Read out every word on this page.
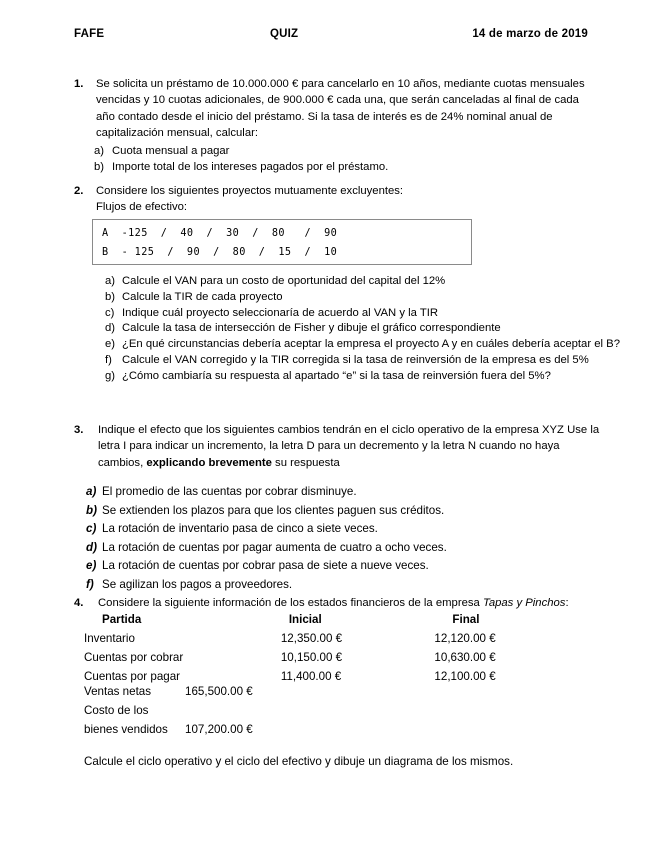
FAFE	QUIZ	14 de marzo de 2019
1.	Se solicita un préstamo de 10.000.000 € para cancelarlo en 10 años, mediante cuotas mensuales vencidas y 10 cuotas adicionales, de 900.000 € cada una, que serán canceladas al final de cada año contado desde el inicio del préstamo. Si la tasa de interés es de 24% nominal anual de capitalización mensual, calcular:
a) Cuota mensual a pagar
b) Importe total de los intereses pagados por el préstamo.
2.	Considere los siguientes proyectos mutuamente excluyentes:
Flujos de efectivo:
A  -125  /  40  /  30  /  80   /  90
B  - 125  /  90  /  80  /  15  /  10
a) Calcule el VAN para un costo de oportunidad del capital del 12%
b) Calcule la TIR de cada proyecto
c) Indique cuál proyecto seleccionaría de acuerdo al VAN y la TIR
d) Calcule la tasa de intersección de Fisher y dibuje el gráfico correspondiente
e) ¿En qué circunstancias debería aceptar la empresa el proyecto A y en cuáles debería aceptar el B?
f) Calcule el VAN corregido y la TIR corregida si la tasa de reinversión de la empresa es del 5%
g) ¿Cómo cambiaría su respuesta al apartado “e” si la tasa de reinversión fuera del 5%?
3.	Indique el efecto que los siguientes cambios tendrán en el ciclo operativo de la empresa XYZ Use la letra I para indicar un incremento, la letra D para un decremento y la letra N cuando no haya cambios, explicando brevemente su respuesta
a) El promedio de las cuentas por cobrar disminuye.
b) Se extienden los plazos para que los clientes paguen sus créditos.
c) La rotación de inventario pasa de cinco a siete veces.
d) La rotación de cuentas por pagar aumenta de cuatro a ocho veces.
e) La rotación de cuentas por cobrar pasa de siete a nueve veces.
f) Se agilizan los pagos a proveedores.
4.	Considere la siguiente información de los estados financieros de la empresa Tapas y Pinchos:
Partida	Inicial	Final
Inventario	12,350.00 €	12,120.00 €
Cuentas por cobrar	10,150.00 €	10,630.00 €
Cuentas por pagar	11,400.00 €	12,100.00 €
Ventas netas	165,500.00 €
Costo de los
bienes vendidos 107,200.00 €
Calcule el ciclo operativo y el ciclo del efectivo y dibuje un diagrama de los mismos.
